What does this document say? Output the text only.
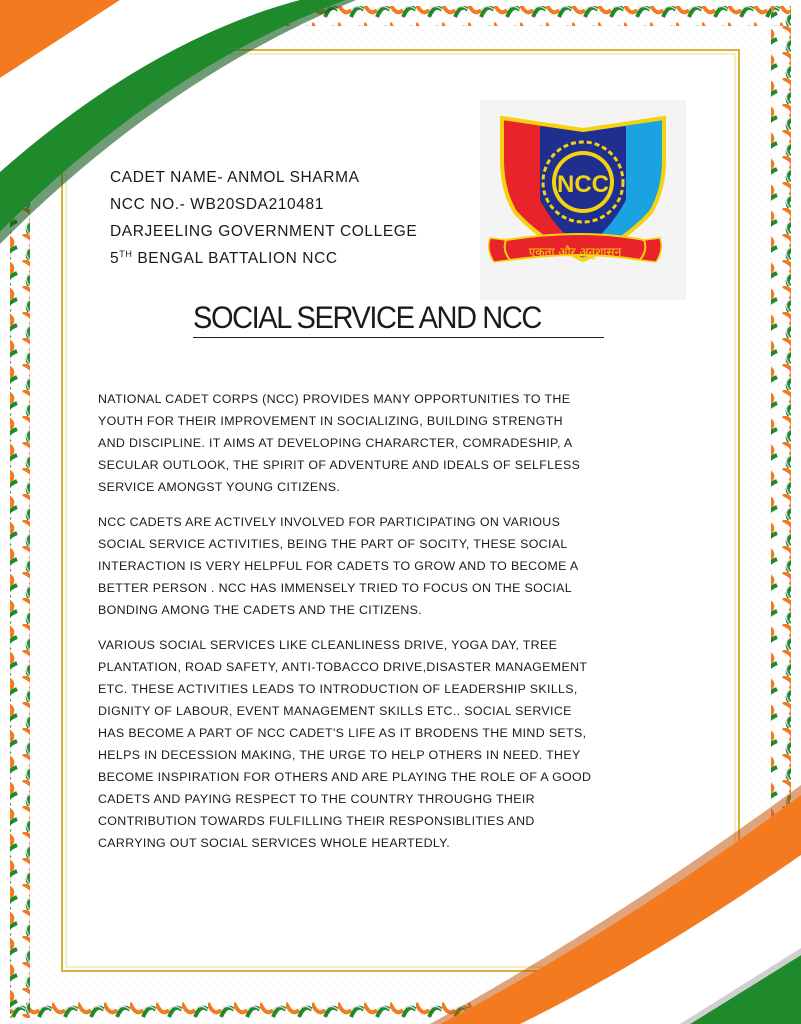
CADET NAME- ANMOL SHARMA
NCC NO.- WB20SDA210481
DARJEELING GOVERNMENT COLLEGE
5TH BENGAL BATTALION NCC
NCC
एकता और अनुशासन
SOCIAL SERVICE AND NCC
NATIONAL CADET CORPS (NCC) PROVIDES MANY OPPORTUNITIES TO THE
YOUTH FOR THEIR IMPROVEMENT IN SOCIALIZING, BUILDING STRENGTH
AND DISCIPLINE. IT AIMS AT DEVELOPING CHARARCTER, COMRADESHIP, A
SECULAR OUTLOOK, THE SPIRIT OF ADVENTURE AND IDEALS OF SELFLESS
SERVICE AMONGST YOUNG CITIZENS.
NCC CADETS ARE ACTIVELY INVOLVED FOR PARTICIPATING ON VARIOUS
SOCIAL SERVICE ACTIVITIES, BEING THE PART OF SOCITY, THESE SOCIAL
INTERACTION IS VERY HELPFUL FOR CADETS TO GROW AND TO BECOME A
BETTER PERSON . NCC HAS IMMENSELY TRIED TO FOCUS ON THE SOCIAL
BONDING AMONG THE CADETS AND THE CITIZENS.
VARIOUS SOCIAL SERVICES LIKE CLEANLINESS DRIVE, YOGA DAY, TREE
PLANTATION, ROAD SAFETY, ANTI-TOBACCO DRIVE,DISASTER MANAGEMENT
ETC. THESE ACTIVITIES LEADS TO INTRODUCTION OF LEADERSHIP SKILLS,
DIGNITY OF LABOUR, EVENT MANAGEMENT SKILLS ETC.. SOCIAL SERVICE
HAS BECOME A PART OF NCC CADET'S LIFE AS IT BRODENS THE MIND SETS,
HELPS IN DECESSION MAKING, THE URGE TO HELP OTHERS IN NEED. THEY
BECOME INSPIRATION FOR OTHERS AND ARE PLAYING THE ROLE OF A GOOD
CADETS AND PAYING RESPECT TO THE COUNTRY THROUGHG THEIR
CONTRIBUTION TOWARDS FULFILLING THEIR RESPONSIBLITIES AND
CARRYING OUT SOCIAL SERVICES WHOLE HEARTEDLY.
